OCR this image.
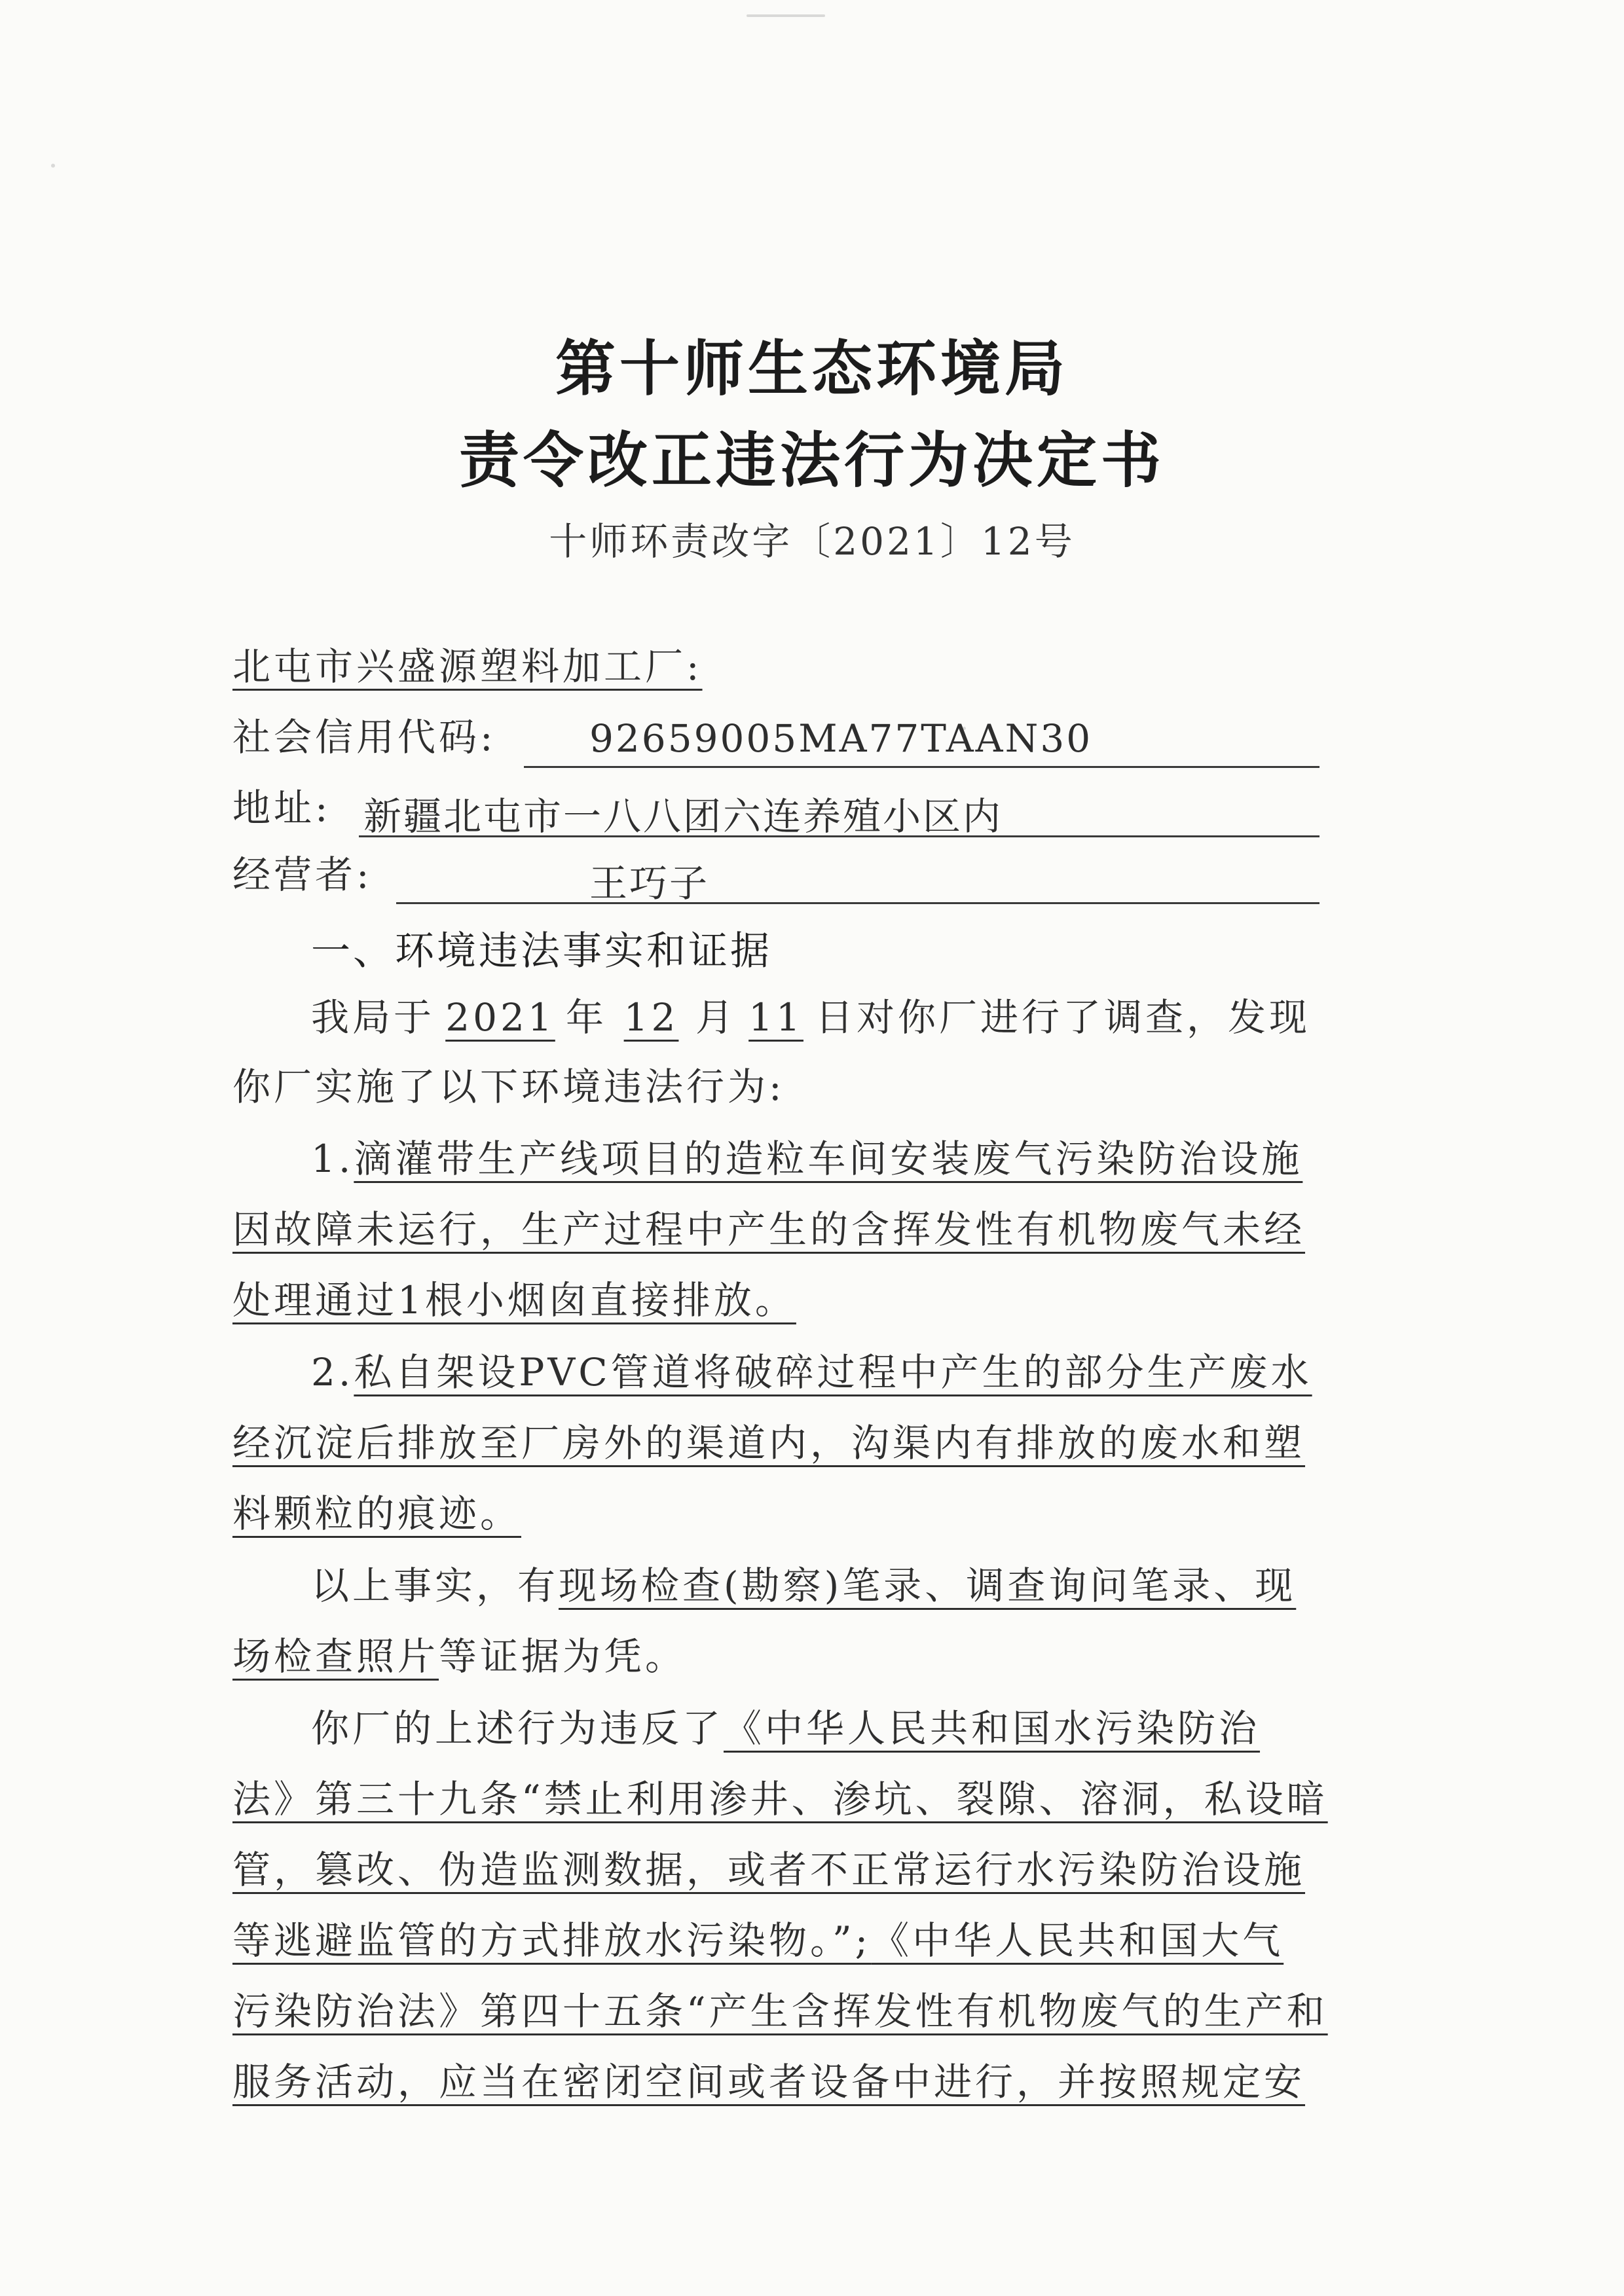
第十师生态环境局
责令改正违法行为决定书
十师环责改字〔2021〕12号
北屯市兴盛源塑料加工厂:
社会信用代码: 92659005MA77TAAN30
地址: 新疆北屯市一八八团六连养殖小区内
经营者:	王巧子
一、环境违法事实和证据
我局于 2021 年 12 月 11 日对你厂进行了调查，发现
你厂实施了以下环境违法行为:
1.滴灌带生产线项目的造粒车间安装废气污染防治设施
因故障未运行，生产过程中产生的含挥发性有机物废气未经
处理通过1根小烟囱直接排放。
2.私自架设PVC管道将破碎过程中产生的部分生产废水
经沉淀后排放至厂房外的渠道内，沟渠内有排放的废水和塑
料颗粒的痕迹。
以上事实，有现场检查(勘察)笔录、调查询问笔录、现
场检查照片等证据为凭。
你厂的上述行为违反了《中华人民共和国水污染防治
法》第三十九条“禁止利用渗井、渗坑、裂隙、溶洞，私设暗
管，篡改、伪造监测数据，或者不正常运行水污染防治设施
等逃避监管的方式排放水污染物。”;《中华人民共和国大气
污染防治法》第四十五条“产生含挥发性有机物废气的生产和
服务活动，应当在密闭空间或者设备中进行，并按照规定安
